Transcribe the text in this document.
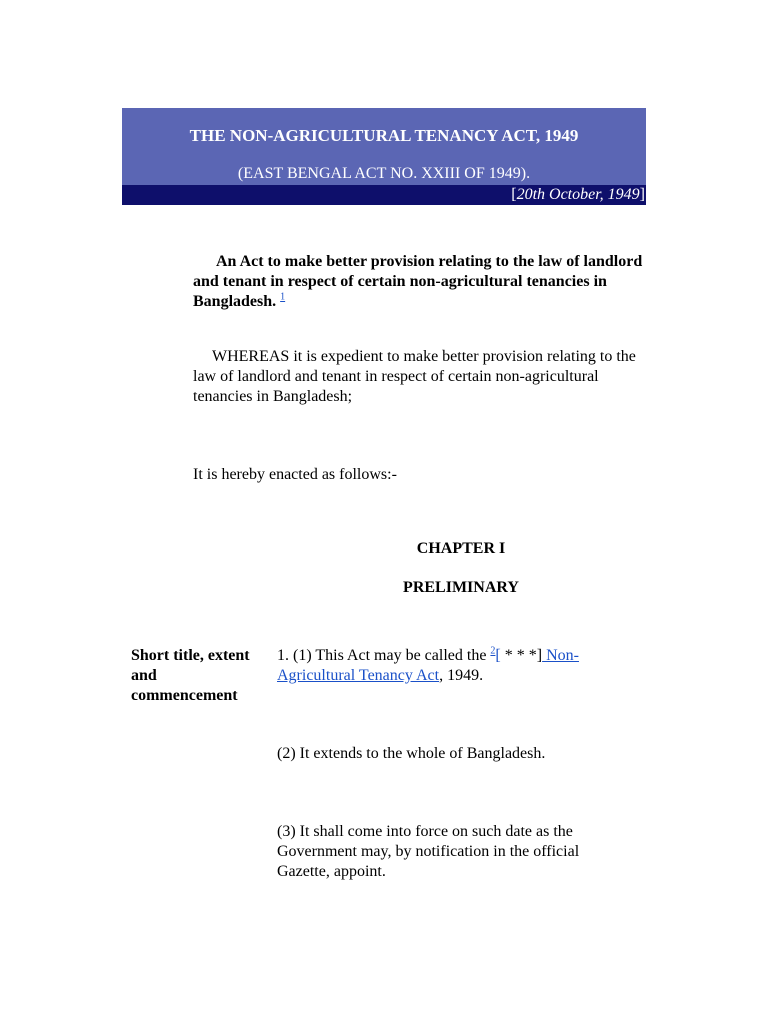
THE NON-AGRICULTURAL TENANCY ACT, 1949

(EAST BENGAL ACT NO. XXIII OF 1949).

[20th October, 1949]

An Act to make better provision relating to the law of landlord and tenant in respect of certain non-agricultural tenancies in Bangladesh. $^1$

WHEREAS it is expedient to make better provision relating to the law of landlord and tenant in respect of certain non-agricultural tenancies in Bangladesh;

It is hereby enacted as follows:-

CHAPTER I

PRELIMINARY

Short title, extent and commencement

1. (1) This Act may be called the $^2$[ * * *] Non-Agricultural Tenancy Act, 1949.

(2) It extends to the whole of Bangladesh.

(3) It shall come into force on such date as the Government may, by notification in the official Gazette, appoint.
